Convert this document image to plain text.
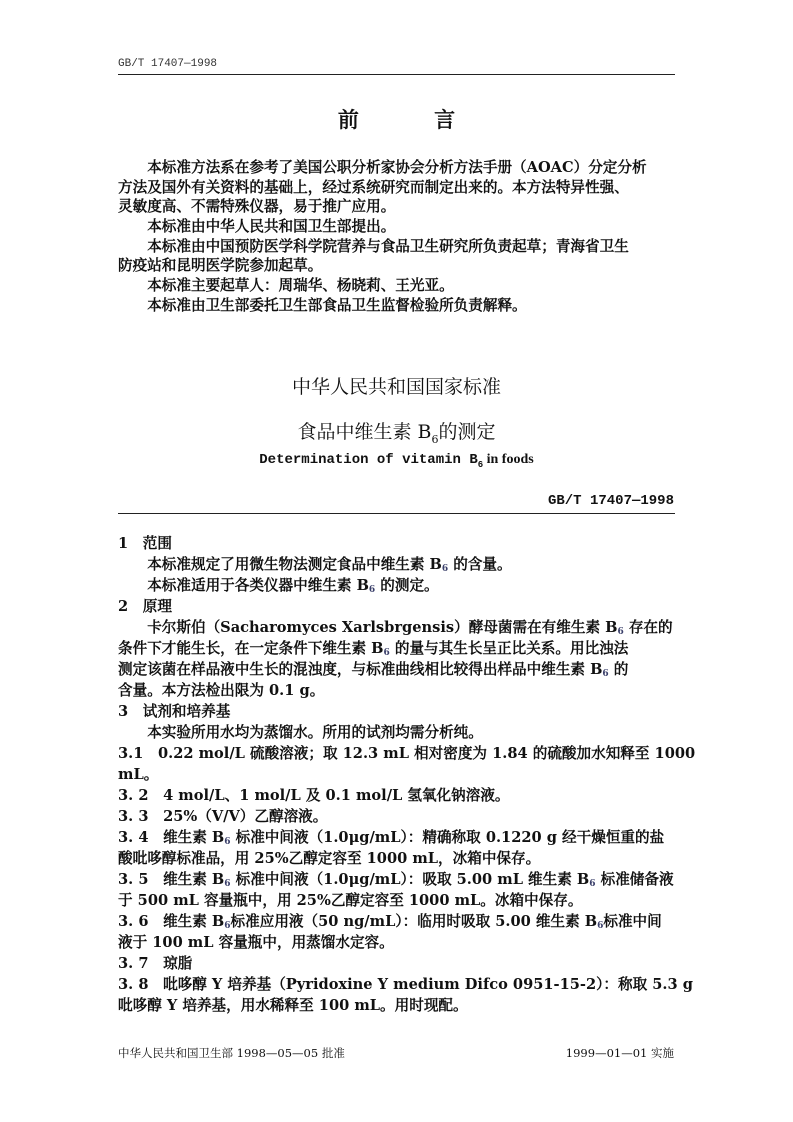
GB/T 17407—1998
前 言
　　本标准方法系在参考了美国公职分析家协会分析方法手册（AOAC）分定分析
方法及国外有关资料的基础上，经过系统研究而制定出来的。本方法特异性强、
灵敏度高、不需特殊仪器，易于推广应用。
　　本标准由中华人民共和国卫生部提出。
　　本标准由中国预防医学科学院营养与食品卫生研究所负责起草；青海省卫生
防疫站和昆明医学院参加起草。
　　本标准主要起草人：周瑞华、杨晓莉、王光亚。
　　本标准由卫生部委托卫生部食品卫生监督检验所负责解释。
中华人民共和国国家标准
食品中维生素 $B_6$的测定
Determination of vitamin $B_6$ in foods
GB/T 17407—1998
1　范围
　　本标准规定了用微生物法测定食品中维生素 $B_6$ 的含量。
　　本标准适用于各类仪器中维生素 $B_6$ 的测定。
2　原理
　　卡尔斯伯（Sacharomyces Xarlsbrgensis）酵母菌需在有维生素 $B_6$ 存在的
条件下才能生长，在一定条件下维生素 $B_6$ 的量与其生长呈正比关系。用比浊法
测定该菌在样品液中生长的混浊度，与标准曲线相比较得出样品中维生素 $B_6$ 的
含量。本方法检出限为 0.1 g。
3　试剂和培养基
　　本实验所用水均为蒸馏水。所用的试剂均需分析纯。
3.1　0.22 mol/L 硫酸溶液；取 12.3 mL 相对密度为 1.84 的硫酸加水知释至 1000
mL。
3. 2　4 mol/L、1 mol/L 及 0.1 mol/L 氢氧化钠溶液。
3. 3　25%（V/V）乙醇溶液。
3. 4　维生素 $B_6$ 标准中间液（1.0μg/mL）：精确称取 0.1220 g 经干燥恒重的盐
酸吡哆醇标准品，用 25%乙醇定容至 1000 mL，冰箱中保存。
3. 5　维生素 $B_6$ 标准中间液（1.0μg/mL）：吸取 5.00 mL 维生素 $B_6$ 标准储备液
于 500 mL 容量瓶中，用 25%乙醇定容至 1000 mL。冰箱中保存。
3. 6　维生素 $B_6$标准应用液（50 ng/mL）：临用时吸取 5.00 维生素 $B_6$标准中间
液于 100 mL 容量瓶中，用蒸馏水定容。
3. 7　琼脂
3. 8　吡哆醇 Y 培养基（Pyridoxine Y medium Difco 0951-15-2）：称取 5.3 g
吡哆醇 Y 培养基，用水稀释至 100 mL。用时现配。
中华人民共和国卫生部 1998—05—05 批准	1999—01—01 实施
